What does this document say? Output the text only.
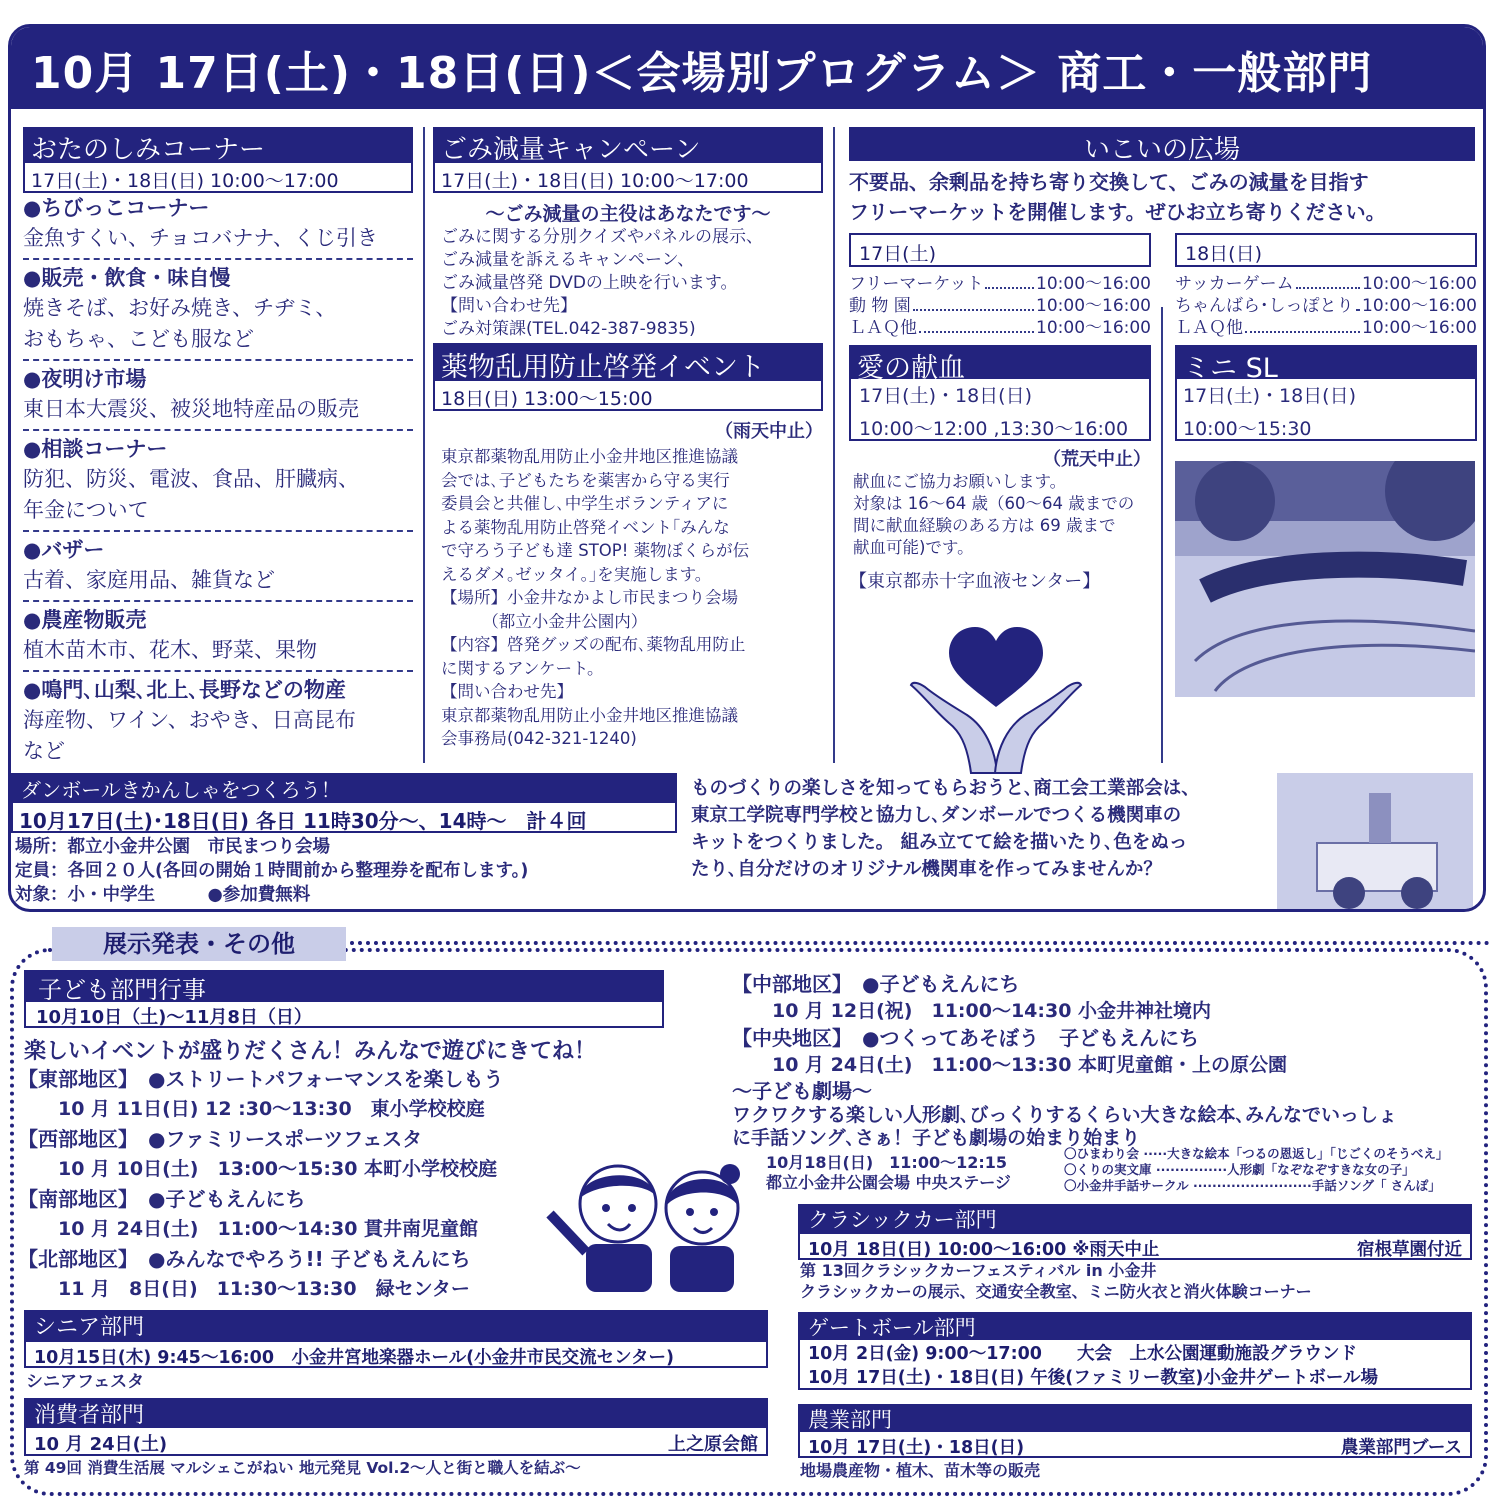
10月 17日(土)・18日(日)＜会場別プログラム＞ 商工・一般部門
おたのしみコーナー
17日(土)・18日(日) 10:00～17:00
●ちびっこコーナー
金魚すくい、チョコバナナ、くじ引き
●販売・飲食・味自慢
焼きそば、お好み焼き、チヂミ、
おもちゃ、こども服など
●夜明け市場
東日本大震災、被災地特産品の販売
●相談コーナー
防犯、防災、電波、食品、肝臓病、
年金について
●バザー
古着、家庭用品、雑貨など
●農産物販売
植木苗木市、花木、野菜、果物
●鳴門､山梨､北上､長野などの物産
海産物、ワイン、おやき、日高昆布
など
ごみ減量キャンペーン
17日(土)・18日(日) 10:00～17:00
～ごみ減量の主役はあなたです～
ごみに関する分別クイズやパネルの展示、
ごみ減量を訴えるキャンペーン、
ごみ減量啓発 DVDの上映を行います。
【問い合わせ先】
ごみ対策課(TEL.042-387-9835)
薬物乱用防止啓発イベント
18日(日) 13:00～15:00
（雨天中止）
東京都薬物乱用防止小金井地区推進協議
会では､子どもたちを薬害から守る実行
委員会と共催し､中学生ボランティアに
よる薬物乱用防止啓発イベント｢みんな
で守ろう子ども達 STOP! 薬物ぼくらが伝
えるダメ｡ゼッタイ｡｣を実施します。
【場所】小金井なかよし市民まつり会場
　　　（都立小金井公園内）
【内容】啓発グッズの配布､薬物乱用防止
に関するアンケート。
【問い合わせ先】
東京都薬物乱用防止小金井地区推進協議
会事務局(042-321-1240)
いこいの広場
不要品、余剰品を持ち寄り交換して、ごみの減量を目指す
フリーマーケットを開催します。ぜひお立ち寄りください。
17日(土)
フリーマーケット	10:00～16:00
動 物 園	10:00～16:00
ＬＡＱ他	10:00～16:00
18日(日)
サッカーゲーム	10:00～16:00
ちゃんばら･しっぽとり 10:00～16:00
ＬＡＱ他	10:00～16:00
愛の献血
17日(土)・18日(日)
10:00～12:00 ,13:30～16:00
（荒天中止）
献血にご協力お願いします。
対象は 16～64 歳（60～64 歳までの
間に献血経験のある方は 69 歳まで
献血可能)です。
【東京都赤十字血液センター】
ミニ SL
17日(土)・18日(日)
10:00～15:30
ダンボールきかんしゃをつくろう！
10月17日(土)･18日(日) 各日 11時30分～、14時～　計４回
場所：都立小金井公園　市民まつり会場
定員：各回２０人(各回の開始１時間前から整理券を配布します。)
対象：小・中学生　　　●参加費無料
ものづくりの楽しさを知ってもらおうと､商工会工業部会は、
東京工学院専門学校と協力し､ダンボールでつくる機関車の
キットをつくりました。 組み立てて絵を描いたり､色をぬっ
たり､自分だけのオリジナル機関車を作ってみませんか？
展示発表・その他
子ども部門行事
10月10日（土)～11月8日（日）
楽しいイベントが盛りだくさん！みんなで遊びにきてね！
【東部地区】　●ストリートパフォーマンスを楽しもう
10 月 11日(日) 12 :30～13:30　東小学校校庭
【西部地区】　●ファミリースポーツフェスタ
10 月 10日(土)　13:00～15:30 本町小学校校庭
【南部地区】　●子どもえんにち
10 月 24日(土)　11:00～14:30 貫井南児童館
【北部地区】　●みんなでやろう!! 子どもえんにち
11 月　8日(日)　11:30～13:30　緑センター
【中部地区】　●子どもえんにち
10 月 12日(祝)　11:00～14:30 小金井神社境内
【中央地区】　●つくってあそぼう　子どもえんにち
10 月 24日(土)　11:00～13:30 本町児童館・上の原公園
～子ども劇場～
ワクワクする楽しい人形劇､びっくりするくらい大きな絵本､みんなでいっしょ
に手話ソング､さぁ！子ども劇場の始まり始まり
10月18日(日)　11:00～12:15
都立小金井公園会場 中央ステージ
〇ひまわり会 ·····大きな絵本「つるの恩返し」｢じごくのそうべえ｣
〇くりの実文庫 ···············人形劇「なぞなぞすきな女の子」
〇小金井手話サークル ·························手話ソング「 さんぽ」
クラシックカー部門
10月 18日(日) 10:00～16:00 ※雨天中止	宿根草園付近
第 13回クラシックカーフェスティバル in 小金井
クラシックカーの展示、交通安全教室、ミニ防火衣と消火体験コーナー
ゲートボール部門
10月 2日(金) 9:00～17:00　　大会　上水公園運動施設グラウンド
10月 17日(土)・18日(日) 午後(ファミリー教室)小金井ゲートボール場
農業部門
10月 17日(土)・18日(日)	農業部門ブース
地場農産物・植木、苗木等の販売
シニア部門
10月15日(木) 9:45～16:00　小金井宮地楽器ホール(小金井市民交流センター)
シニアフェスタ
消費者部門
10 月 24日(土)	上之原会館
第 49回 消費生活展 マルシェこがねい 地元発見 Vol.2～人と街と職人を結ぶ～
